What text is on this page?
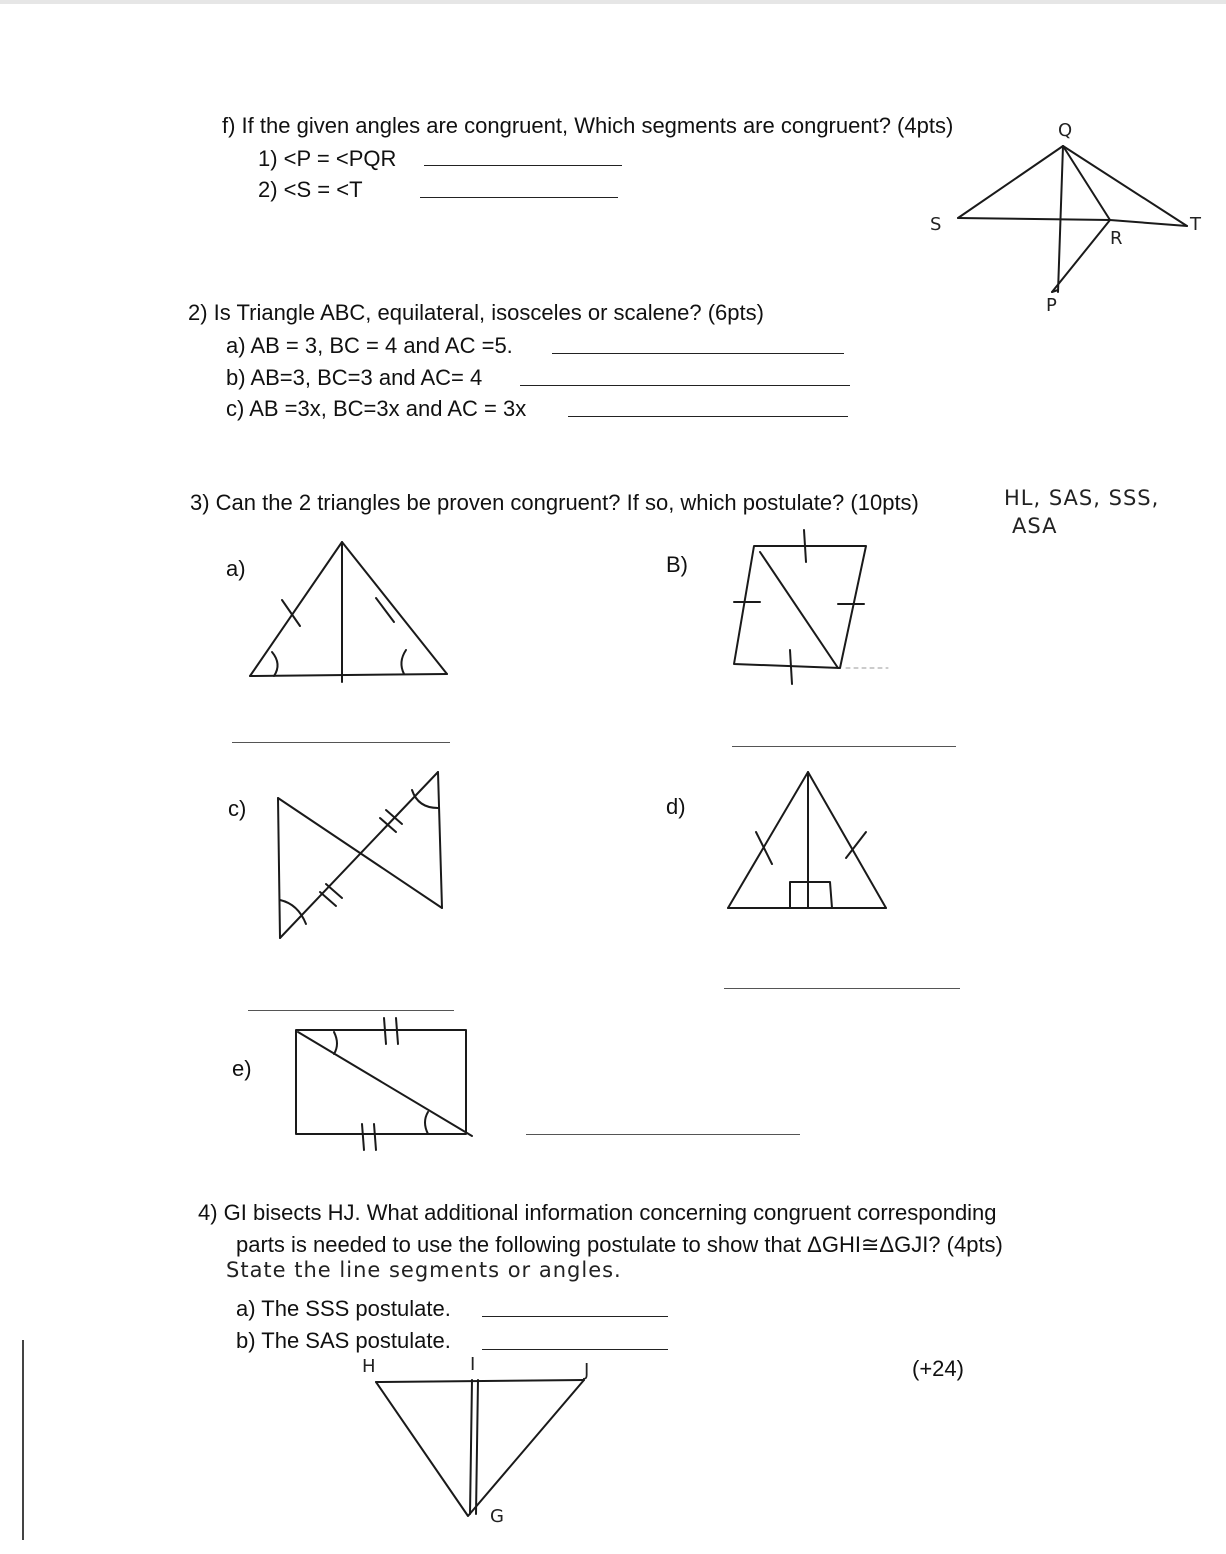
f) If the given angles are congruent, Which segments are congruent? (4pts)
1) <P = <PQR
2) <S = <T
Q
S	T
R
P
2) Is Triangle ABC, equilateral, isosceles or scalene? (6pts)
a) AB = 3, BC = 4 and AC =5.
b) AB=3, BC=3 and AC= 4
c) AB =3x, BC=3x and AC = 3x
3) Can the 2 triangles be proven congruent? If so, which postulate? (10pts)	HL, SAS, SSS,
ASA
a)	B)
c)	d)
e)
4) GI bisects HJ. What additional information concerning congruent corresponding
parts is needed to use the following postulate to show that ΔGHI≅ΔGJI? (4pts)
State the line segments or angles.
a) The SSS postulate.
b) The SAS postulate.
(+24)
H	I	J
G
